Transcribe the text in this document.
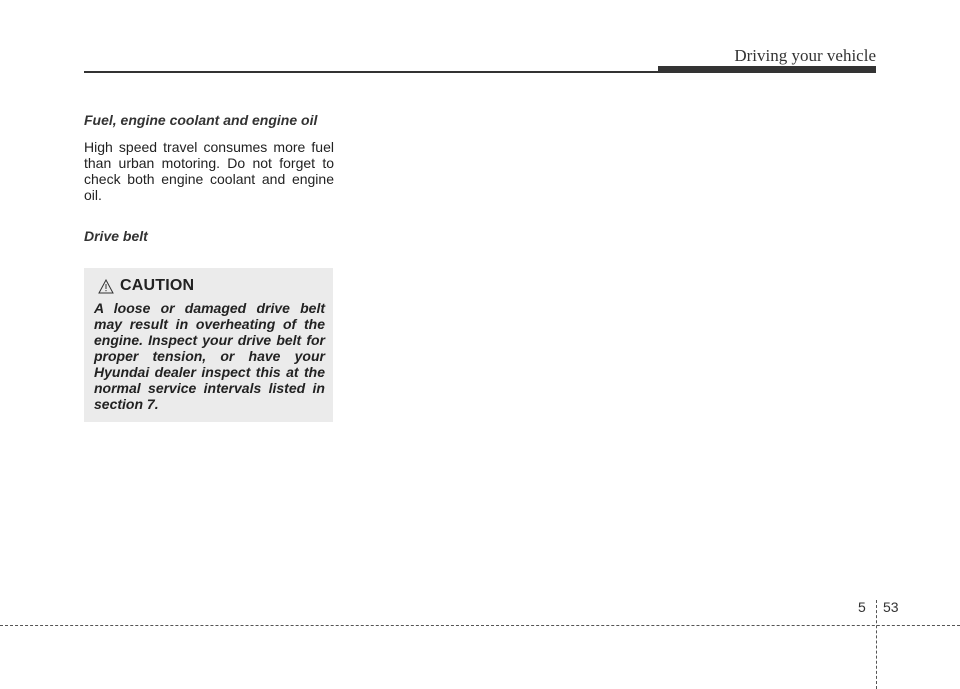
Driving your vehicle
Fuel, engine coolant and engine oil

High speed travel consumes more fuel than urban motoring. Do not forget to check both engine coolant and engine oil.

Drive belt
CAUTION

A loose or damaged drive belt may result in overheating of the engine. Inspect your drive belt for proper tension, or have your Hyundai dealer inspect this at the normal service intervals listed in section 7.

5 53
